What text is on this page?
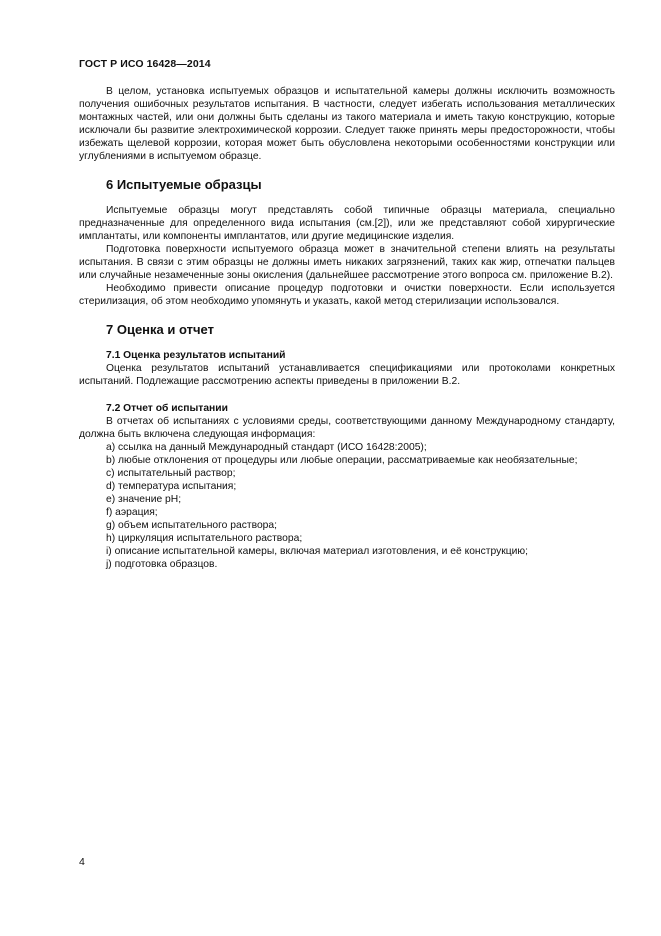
ГОСТ Р ИСО 16428—2014

В целом, установка испытуемых образцов и испытательной камеры должны исключить возможность получения ошибочных результатов испытания. В частности, следует избегать использования металлических монтажных частей, или они должны быть сделаны из такого материала и иметь такую конструкцию, которые исключали бы развитие электрохимической коррозии. Следует также принять меры предосторожности, чтобы избежать щелевой коррозии, которая может быть обусловлена некоторыми особенностями конструкции или углублениями в испытуемом образце.

6 Испытуемые образцы

Испытуемые образцы могут представлять собой типичные образцы материала, специально предназначенные для определенного вида испытания (см.[2]), или же представляют собой хирургические имплантаты, или компоненты имплантатов, или другие медицинские изделия.

Подготовка поверхности испытуемого образца может в значительной степени влиять на результаты испытания. В связи с этим образцы не должны иметь никаких загрязнений, таких как жир, отпечатки пальцев или случайные незамеченные зоны окисления (дальнейшее рассмотрение этого вопроса см. приложение В.2).

Необходимо привести описание процедур подготовки и очистки поверхности. Если используется стерилизация, об этом необходимо упомянуть и указать, какой метод стерилизации использовался.

7 Оценка и отчет
7.1 Оценка результатов испытаний

Оценка результатов испытаний устанавливается спецификациями или протоколами конкретных испытаний. Подлежащие рассмотрению аспекты приведены в приложении В.2.

7.2 Отчет об испытании

В отчетах об испытаниях с условиями среды, соответствующими данному Международному стандарту, должна быть включена следующая информация:

a) ссылка на данный Международный стандарт (ИСО 16428:2005);
b) любые отклонения от процедуры или любые операции, рассматриваемые как необязательные;
c) испытательный раствор;
d) температура испытания;
e) значение рН;
f) аэрация;
g) объем испытательного раствора;
h) циркуляция испытательного раствора;
i) описание испытательной камеры, включая материал изготовления, и её конструкцию;
j) подготовка образцов.
4
